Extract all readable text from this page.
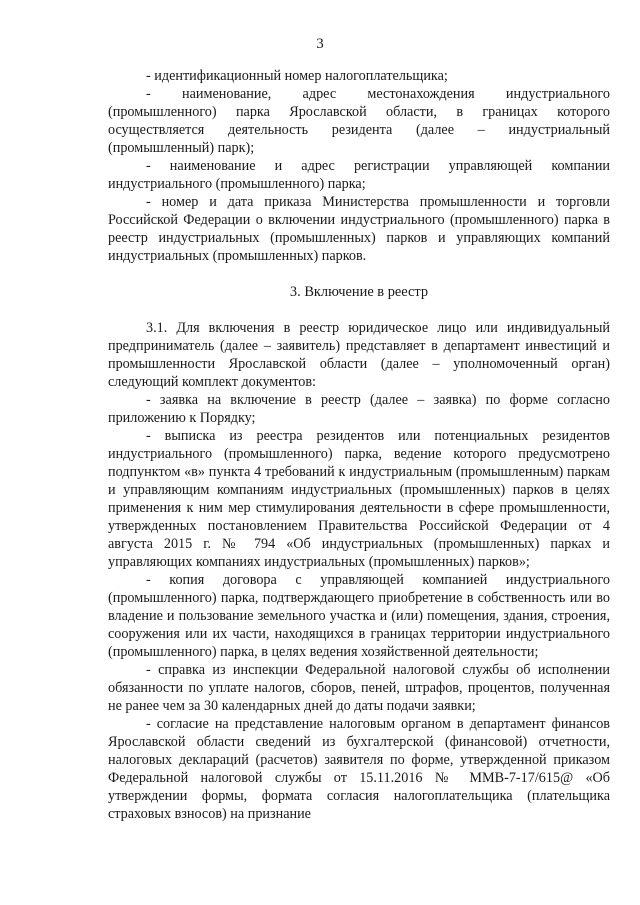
3

- идентификационный номер налогоплательщика;

- наименование, адрес местонахождения индустриального (промышленного) парка Ярославской области, в границах которого осуществляется деятельность резидента (далее – индустриальный (промышленный) парк);

- наименование и адрес регистрации управляющей компании индустриального (промышленного) парка;

- номер и дата приказа Министерства промышленности и торговли Российской Федерации о включении индустриального (промышленного) парка в реестр индустриальных (промышленных) парков и управляющих компаний индустриальных (промышленных) парков.

3. Включение в реестр

3.1. Для включения в реестр юридическое лицо или индивидуальный предприниматель (далее – заявитель) представляет в департамент инвестиций и промышленности Ярославской области (далее – уполномоченный орган) следующий комплект документов:

- заявка на включение в реестр (далее – заявка) по форме согласно приложению к Порядку;

- выписка из реестра резидентов или потенциальных резидентов индустриального (промышленного) парка, ведение которого предусмотрено подпунктом «в» пункта 4 требований к индустриальным (промышленным) паркам и управляющим компаниям индустриальных (промышленных) парков в целях применения к ним мер стимулирования деятельности в сфере промышленности, утвержденных постановлением Правительства Российской Федерации от 4 августа 2015 г. № 794 «Об индустриальных (промышленных) парках и управляющих компаниях индустриальных (промышленных) парков»;

- копия договора с управляющей компанией индустриального (промышленного) парка, подтверждающего приобретение в собственность или во владение и пользование земельного участка и (или) помещения, здания, строения, сооружения или их части, находящихся в границах территории индустриального (промышленного) парка, в целях ведения хозяйственной деятельности;

- справка из инспекции Федеральной налоговой службы об исполнении обязанности по уплате налогов, сборов, пеней, штрафов, процентов, полученная не ранее чем за 30 календарных дней до даты подачи заявки;

- согласие на представление налоговым органом в департамент финансов Ярославской области сведений из бухгалтерской (финансовой) отчетности, налоговых деклараций (расчетов) заявителя по форме, утвержденной приказом Федеральной налоговой службы от 15.11.2016 № ММВ-7-17/615@ «Об утверждении формы, формата согласия налогоплательщика (плательщика страховых взносов) на признание
